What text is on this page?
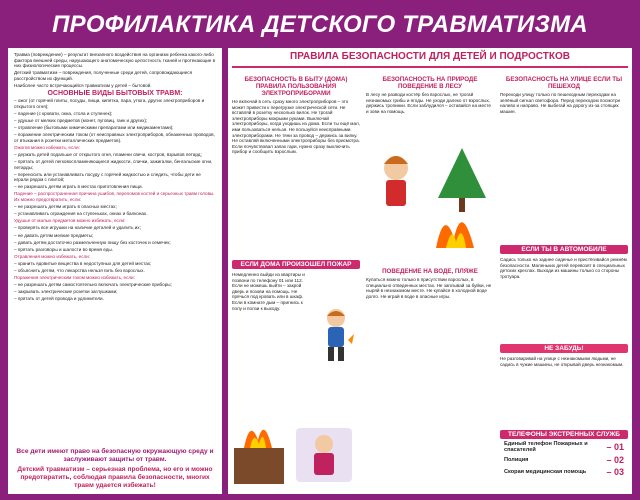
ПРОФИЛАКТИКА ДЕТСКОГО ТРАВМАТИЗМА

Травма (повреждение) – результат внезапного воздействия на организм ребенка какого-либо фактора внешней среды, нарушающего анатомическую целостность тканей и протекающие в них физиологические процессы.

Детский травматизм – повреждения, полученные среди детей, сопровождающиеся расстройством их функций.

Наиболее часто встречающийся травматизм у детей – бытовой.

ОСНОВНЫЕ ВИДЫ БЫТОВЫХ ТРАВМ:

– ожог (от горячей плиты, посуды, пищи, кипятка, пара, утюга, других электроприборов и открытого огня);

– падение (с кровати, окна, стола и ступенек);

– удушье от мелких предметов (монет, пуговиц, гаек и других);

– отравление (бытовыми химическими препаратами или медикаментами);

– поражение электрическим током (от неисправных электроприборов, обнаженных проводов, от втыкания в розетки металлических предметов).

Ожогов можно избежать, если:

– держать детей подальше от открытого огня, пламени свечи, костров, взрывов петард;

– прятать от детей легковоспламеняющиеся жидкости, спички, зажигалки, бенгальские огни, петарды;

– переносить или устанавливать посуду с горячей жидкостью и следить, чтобы дети не играли рядом с плитой;

– не разрешать детям играть в местах приготовления пищи.

Падение – распространенная причина ушибов, переломов костей и серьезных травм головы. Их можно предотвратить, если:

– не разрешать детям играть в опасных местах;

– устанавливать ограждения на ступеньках, окнах и балконах.

Удушье от малых предметов можно избежать, если:

– проверять все игрушки на наличие деталей и удалить их;

– не давать детям мелкие предметы;

– давать детям достаточно размельченную пищу без косточек и семечек;

– прятать разговоры и шалости во время еды.

Отравления можно избежать, если:

– хранить ядовитые вещества в недоступных для детей местах;

– объяснить детям, что лекарства нельзя пить без взрослых.

Поражения электрическим током можно избежать, если:

– не разрешать детям самостоятельно включать электрические приборы;

– закрывать электрические розетки заглушками;

– прятать от детей провода и удлинители.

Все дети имеют право на безопасную окружающую среду и заслуживают защиты от травм.
Детский травматизм – серьезная проблема, но его и можно предотвратить, соблюдая правила безопасности, многих травм удается избежать!
ПРАВИЛА БЕЗОПАСНОСТИ ДЛЯ ДЕТЕЙ И ПОДРОСТКОВ
БЕЗОПАСНОСТЬ В БЫТУ (ДОМА) ПРАВИЛА ПОЛЬЗОВАНИЯ ЭЛЕКТРОПРИБОРАМИ
Не включай в сеть сразу много электроприборов – это может привести к перегрузке электрической сети. Не вставляй в розетку несколько вилок. Не трогай электроприборы мокрыми руками. Выключай электроприборы, когда уходишь из дома. Если ты ещё мал, ими пользоваться нельзя. Не пользуйся неисправными электроприборами. Не тяни за провод – держись за вилку. Не оставляй включенными электроприборы без присмотра. Если почувствовал запах гари, нужно сразу выключить прибор и сообщить взрослым.
ЕСЛИ ДОМА ПРОИЗОШЕЛ ПОЖАР
Немедленно выйди из квартиры и позвони по телефону 01 или 112. Если не можешь выйти – закрой дверь и позови на помощь. Не прячься под кровать или в шкаф. Если в комнате дым – пригнись к полу и ползи к выходу.
БЕЗОПАСНОСТЬ НА ПРИРОДЕ ПОВЕДЕНИЕ В ЛЕСУ
В лесу не разводи костёр без взрослых, не трогай незнакомых грибы и ягоды. Не уходи далеко от взрослых, держись тропинки. Если заблудился – оставайся на месте и зови на помощь.
ПОВЕДЕНИЕ НА ВОДЕ, ПЛЯЖЕ
Купаться можно только в присутствии взрослых, в специально отведенных местах. Не заплывай за буйки, не ныряй в незнакомом месте. Не купайся в холодной воде долго. Не играй в воде в опасные игры.
БЕЗОПАСНОСТЬ НА УЛИЦЕ ЕСЛИ ТЫ ПЕШЕХОД
Переходи улицу только по пешеходным переходам на зелёный сигнал светофора. Перед переходом посмотри налево и направо. Не выбегай на дорогу из-за стоящих машин.
ЕСЛИ ТЫ В АВТОМОБИЛЕ
Садись только на заднее сиденье и пристёгивайся ремнём безопасности. Маленьких детей перевозят в специальных детских креслах. Выходи из машины только со стороны тротуара.
НЕ ЗАБУДЬ!
Не разговаривай на улице с незнакомыми людьми, не садись в чужие машины, не открывай дверь незнакомым.
ТЕЛЕФОНЫ ЭКСТРЕННЫХ СЛУЖБ
Единый телефон Пожарных и спасателей	– 01
Полиция	– 02
Скорая медицинская помощь	– 03
